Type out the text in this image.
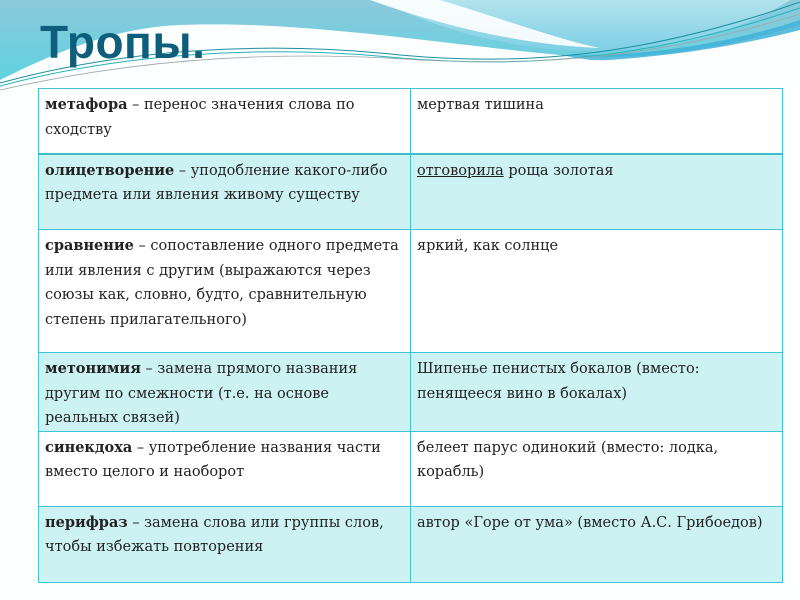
Тропы.
метафора – перенос значения слова по сходству	мертвая тишина
олицетворение – уподобление какого-либо предмета или явления живому существу	отговорила роща золотая
сравнение – сопоставление одного предмета или явления с другим (выражаются через союзы как, словно, будто, сравнительную степень прилагательного)	яркий, как солнце
метонимия – замена прямого названия другим по смежности (т.е. на основе реальных связей)	Шипенье пенистых бокалов (вместо: пенящееся вино в бокалах)
синекдоха – употребление названия части вместо целого и наоборот	белеет парус одинокий (вместо: лодка, корабль)
перифраз – замена слова или группы слов, чтобы избежать повторения	автор «Горе от ума» (вместо А.С. Грибоедов)
